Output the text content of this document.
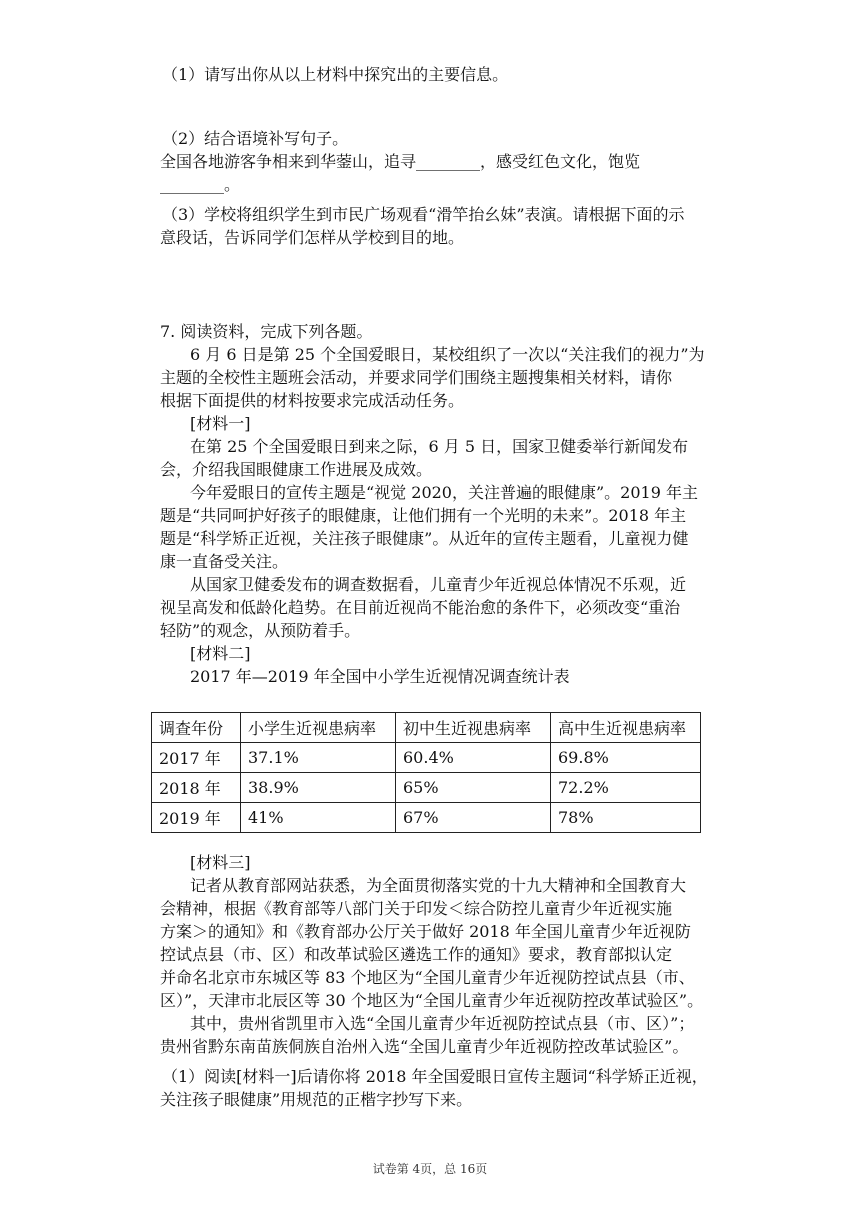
（1）请写出你从以上材料中探究出的主要信息。
（2）结合语境补写句子。
全国各地游客争相来到华蓥山，追寻________，感受红色文化，饱览
________。
（3）学校将组织学生到市民广场观看“滑竿抬幺妹”表演。请根据下面的示
意段话，告诉同学们怎样从学校到目的地。
7. 阅读资料，完成下列各题。
6 月 6 日是第 25 个全国爱眼日，某校组织了一次以“关注我们的视力”为
主题的全校性主题班会活动，并要求同学们围绕主题搜集相关材料，请你
根据下面提供的材料按要求完成活动任务。
[材料一]
在第 25 个全国爱眼日到来之际，6 月 5 日，国家卫健委举行新闻发布
会，介绍我国眼健康工作进展及成效。
今年爱眼日的宣传主题是“视觉 2020，关注普遍的眼健康”。2019 年主
题是“共同呵护好孩子的眼健康，让他们拥有一个光明的未来”。2018 年主
题是“科学矫正近视，关注孩子眼健康”。从近年的宣传主题看，儿童视力健
康一直备受关注。
从国家卫健委发布的调查数据看，儿童青少年近视总体情况不乐观，近
视呈高发和低龄化趋势。在目前近视尚不能治愈的条件下，必须改变“重治
轻防”的观念，从预防着手。
[材料二]
2017 年—2019 年全国中小学生近视情况调查统计表
调查年份	小学生近视患病率	初中生近视患病率	高中生近视患病率
2017 年	37.1%	60.4%	69.8%
2018 年	38.9%	65%	72.2%
2019 年	41%	67%	78%
[材料三]
记者从教育部网站获悉，为全面贯彻落实党的十九大精神和全国教育大
会精神，根据《教育部等八部门关于印发＜综合防控儿童青少年近视实施
方案＞的通知》和《教育部办公厅关于做好 2018 年全国儿童青少年近视防
控试点县（市、区）和改革试验区遴选工作的通知》要求，教育部拟认定
并命名北京市东城区等 83 个地区为“全国儿童青少年近视防控试点县（市、
区）”，天津市北辰区等 30 个地区为“全国儿童青少年近视防控改革试验区”。
其中，贵州省凯里市入选“全国儿童青少年近视防控试点县（市、区）”；
贵州省黔东南苗族侗族自治州入选“全国儿童青少年近视防控改革试验区”。
（1）阅读[材料一]后请你将 2018 年全国爱眼日宣传主题词“科学矫正近视，
关注孩子眼健康”用规范的正楷字抄写下来。
试卷第 4页，总 16页
